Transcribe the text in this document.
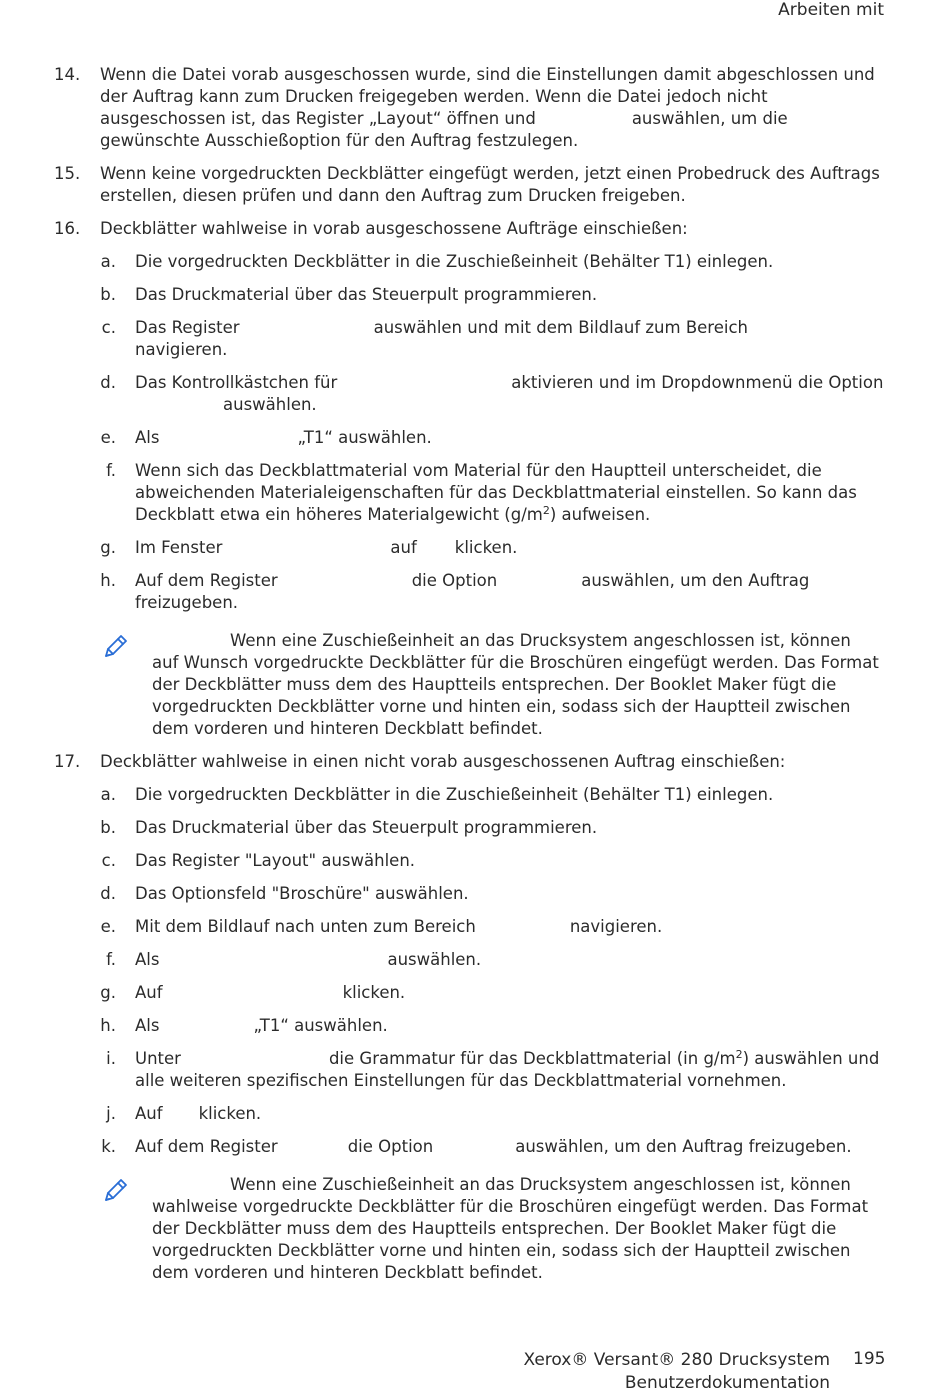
Arbeiten mit
14. Wenn die Datei vorab ausgeschossen wurde, sind die Einstellungen damit abgeschlossen und der Auftrag kann zum Drucken freigegeben werden. Wenn die Datei jedoch nicht ausgeschossen ist, das Register „Layout“ öffnen und	auswählen, um die gewünschte Ausschießoption für den Auftrag festzulegen.
15. Wenn keine vorgedruckten Deckblätter eingefügt werden, jetzt einen Probedruck des Auftrags erstellen, diesen prüfen und dann den Auftrag zum Drucken freigeben.
16. Deckblätter wahlweise in vorab ausgeschossene Aufträge einschießen:
a. Die vorgedruckten Deckblätter in die Zuschießeinheit (Behälter T1) einlegen.
b. Das Druckmaterial über das Steuerpult programmieren.
c. Das Register	auswählen und mit dem Bildlauf zum Bereichnavigieren.
d. Das Kontrollkästchen für	aktivieren und im Dropdownmenü die Optionauswählen.
e. Als	„T1“ auswählen.
f. Wenn sich das Deckblattmaterial vom Material für den Hauptteil unterscheidet, die abweichenden Materialeigenschaften für das Deckblattmaterial einstellen. So kann das Deckblatt etwa ein höheres Materialgewicht $(g/m^2)$ aufweisen.
g. Im Fenster	auf klicken.
h. Auf dem Register	die Option	auswählen, um den Auftrag freizugeben.
Wenn eine Zuschießeinheit an das Drucksystem angeschlossen ist, können auf Wunsch vorgedruckte Deckblätter für die Broschüren eingefügt werden. Das Format der Deckblätter muss dem des Hauptteils entsprechen. Der Booklet Maker fügt die vorgedruckten Deckblätter vorne und hinten ein, sodass sich der Hauptteil zwischen dem vorderen und hinteren Deckblatt befindet.
17. Deckblätter wahlweise in einen nicht vorab ausgeschossenen Auftrag einschießen:
a. Die vorgedruckten Deckblätter in die Zuschießeinheit (Behälter T1) einlegen.
b. Das Druckmaterial über das Steuerpult programmieren.
c. Das Register "Layout" auswählen.
d. Das Optionsfeld "Broschüre" auswählen.
e. Mit dem Bildlauf nach unten zum Bereich	navigieren.
f. Als	auswählen.
g. Auf	klicken.
h. Als	„T1“ auswählen.
i. Unter	die Grammatur für das Deckblattmaterial (in $g/m^2$) auswählen und alle weiteren spezifischen Einstellungen für das Deckblattmaterial vornehmen.
j. Auf klicken.
k. Auf dem Register	die Option	auswählen, um den Auftrag freizugeben.
Wenn eine Zuschießeinheit an das Drucksystem angeschlossen ist, können wahlweise vorgedruckte Deckblätter für die Broschüren eingefügt werden. Das Format der Deckblätter muss dem des Hauptteils entsprechen. Der Booklet Maker fügt die vorgedruckten Deckblätter vorne und hinten ein, sodass sich der Hauptteil zwischen dem vorderen und hinteren Deckblatt befindet.
Xerox® Versant® 280 Drucksystem
Benutzerdokumentation
195
